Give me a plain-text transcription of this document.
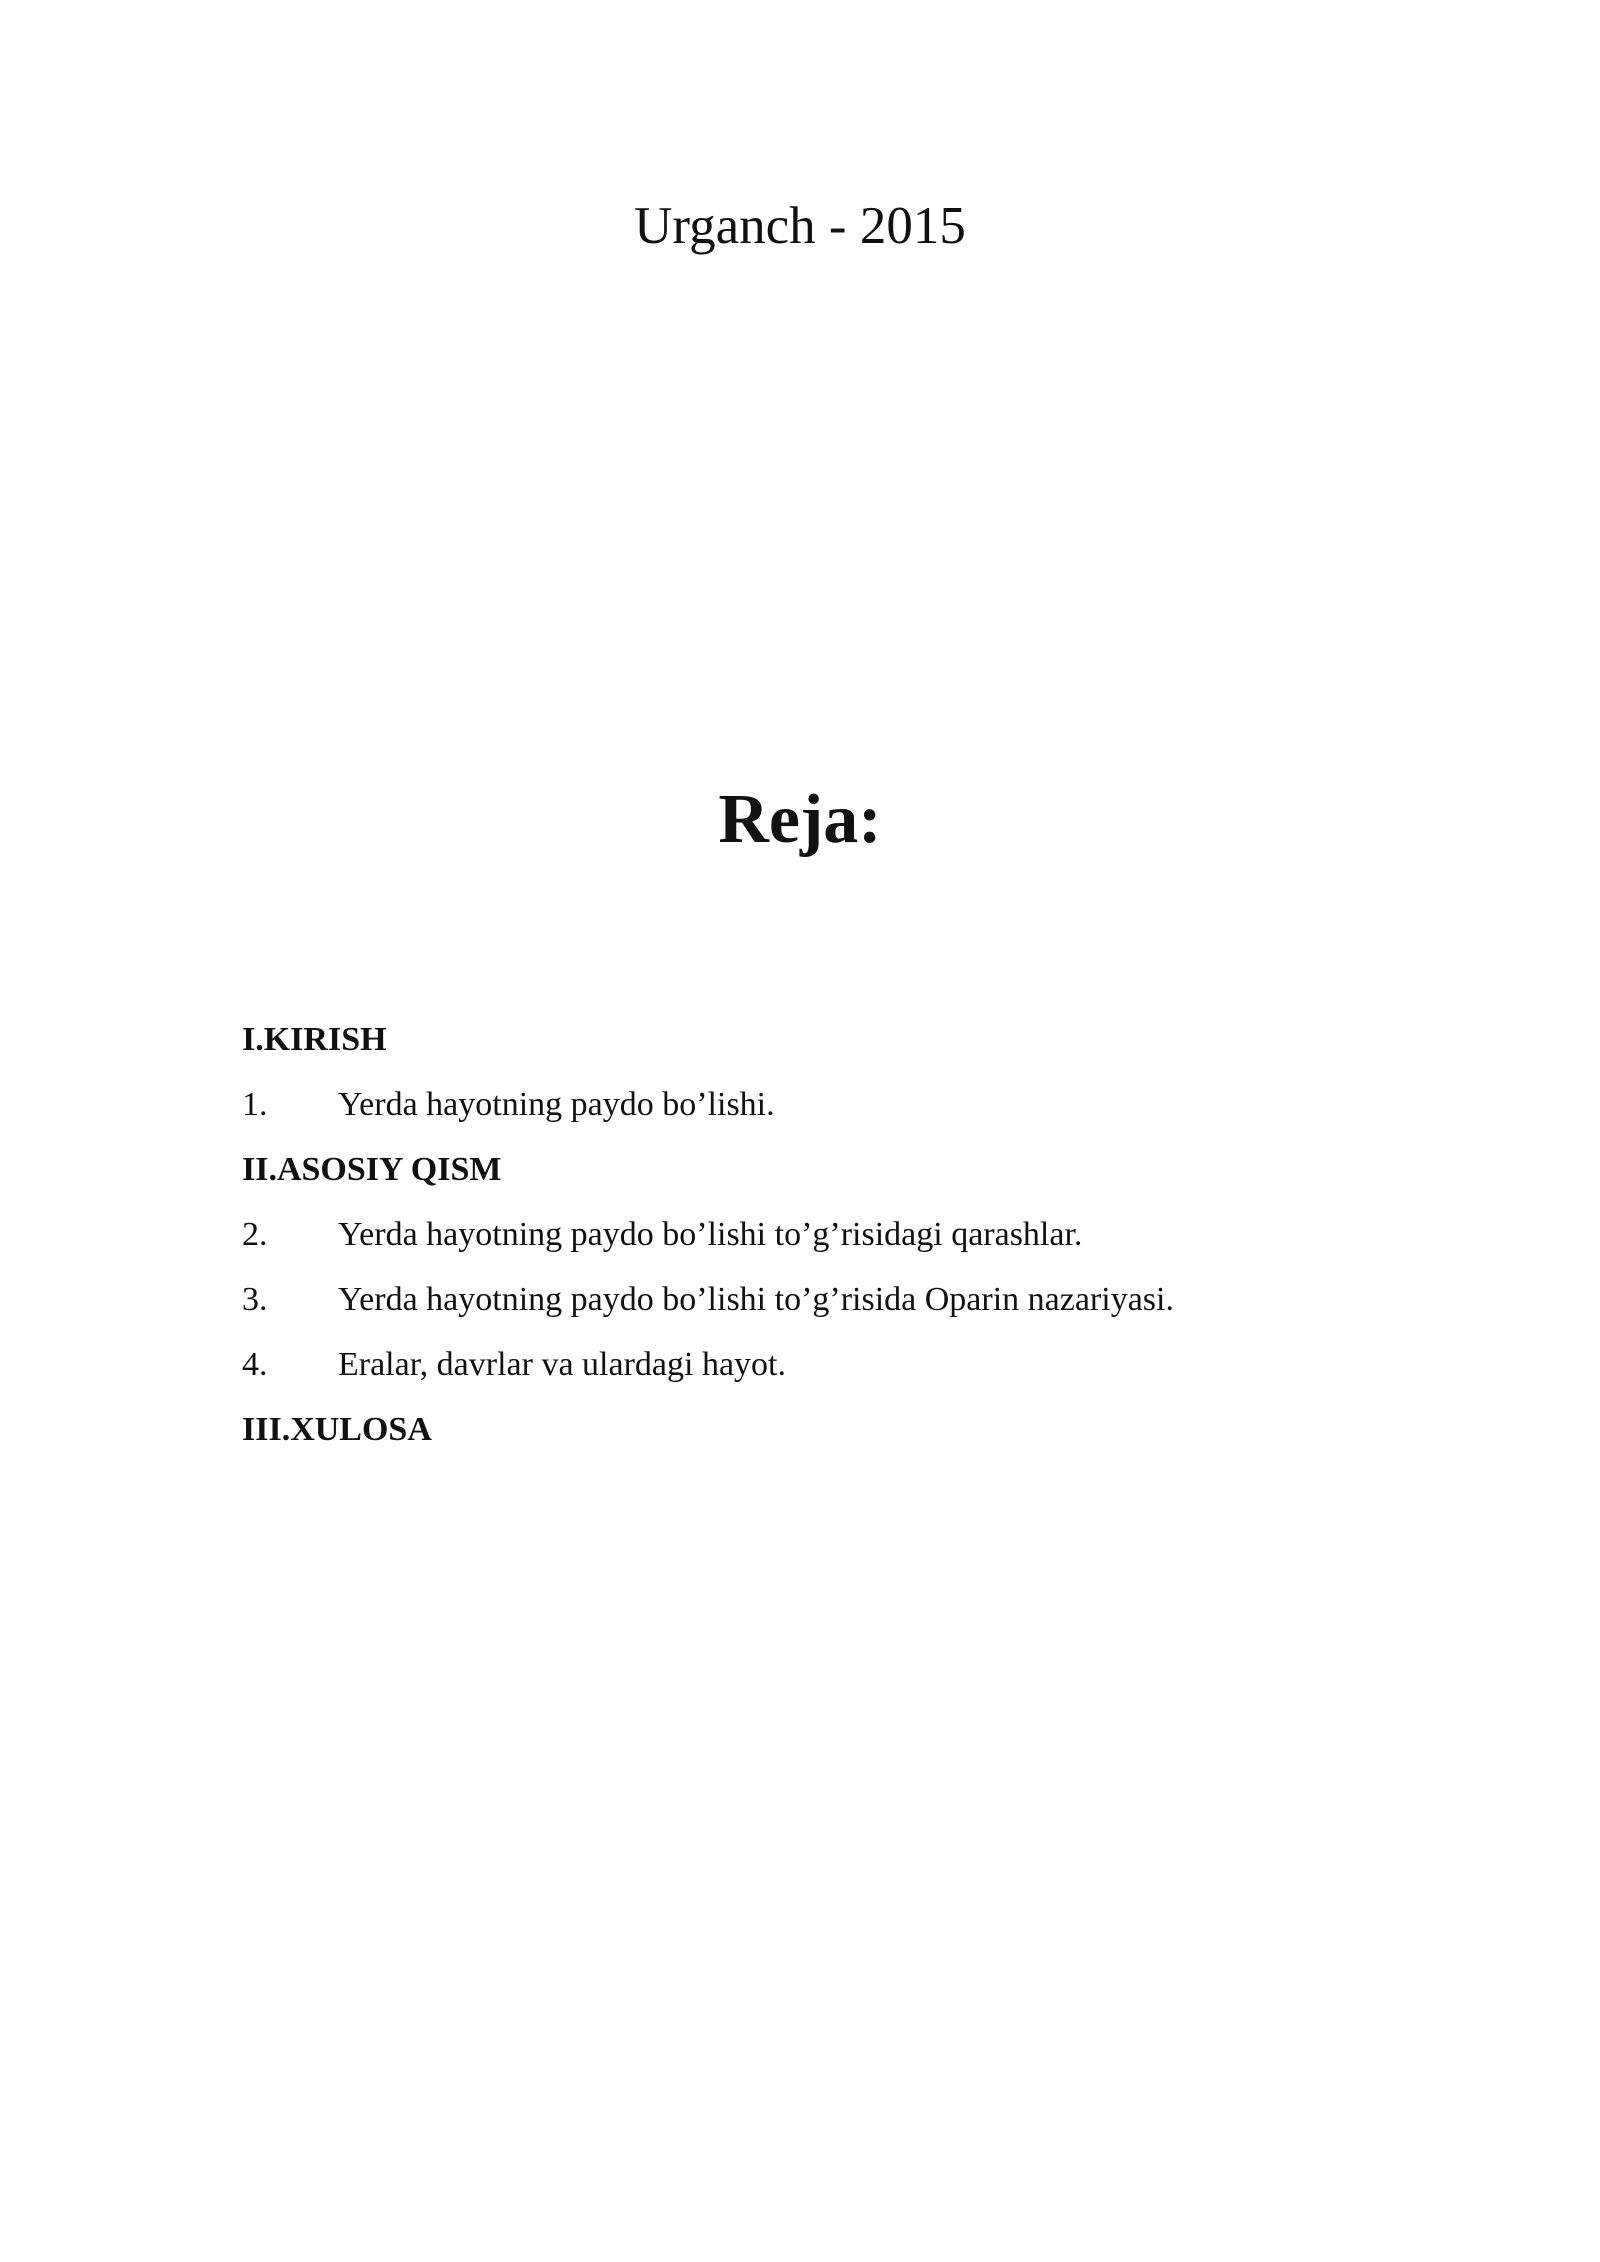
Urganch - 2015
Reja:
I.KIRISH
1. Yerda hayotning paydo bo’lishi.
II.ASOSIY QISM
2. Yerda hayotning paydo bo’lishi to’g’risidagi qarashlar.
3. Yerda hayotning paydo bo’lishi to’g’risida Oparin nazariyasi.
4. Eralar, davrlar va ulardagi hayot.
III.XULOSA
